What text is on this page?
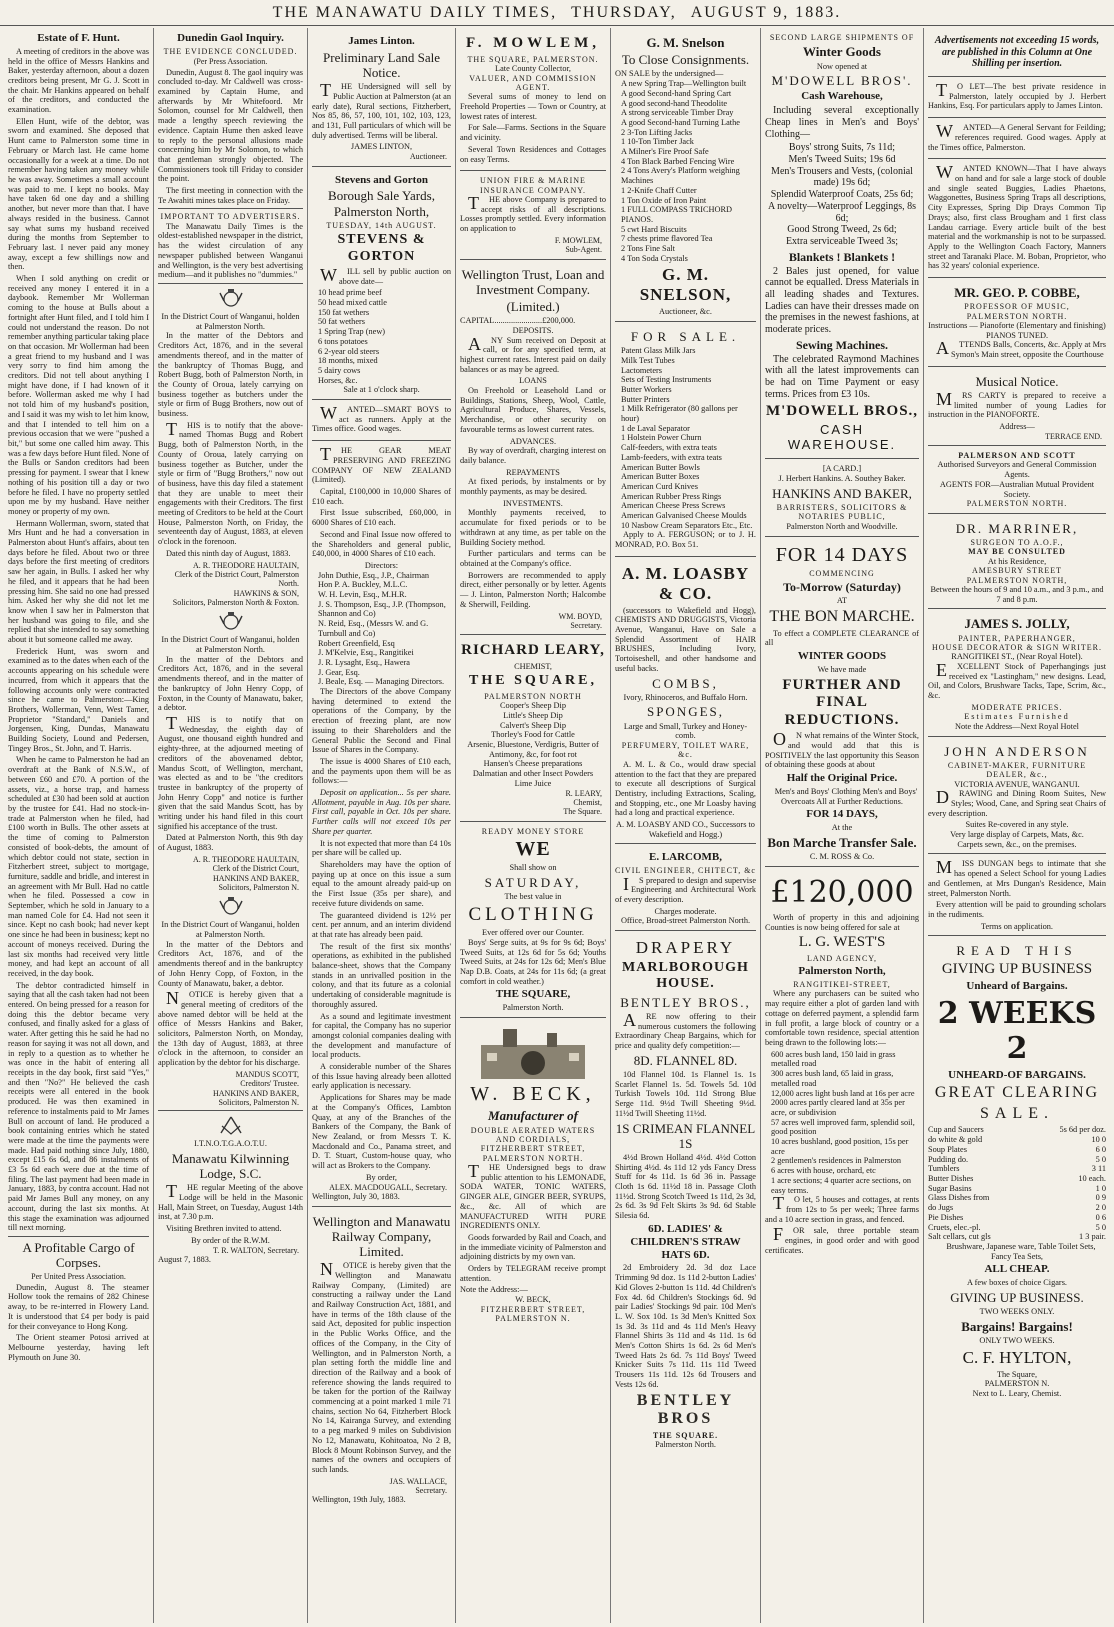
THE MANAWATU DAILY TIMES, THURSDAY, AUGUST 9, 1883.
Estate of F. Hunt.

A meeting of creditors in the above was held in the office of Messrs Hankins and Baker, yesterday afternoon, about a dozen creditors being present, Mr G. J. Scott in the chair. Mr Hankins appeared on behalf of the creditors, and conducted the examination.

Ellen Hunt, wife of the debtor, was sworn and examined. She deposed that Hunt came to Palmerston some time in February or March last. He came home occasionally for a week at a time. Do not remember having taken any money while he was away. Sometimes a small account was paid to me. I kept no books. May have taken 6d one day and a shilling another, but never more than that. I have always resided in the business. Cannot say what sums my husband received during the months from September to February last. I never paid any money away, except a few shillings now and then.

When I sold anything on credit or received any money I entered it in a daybook. Remember Mr Wollerman coming to the house at Bulls about a fortnight after Hunt filed, and I told him I could not understand the reason. Do not remember anything particular taking place on that occasion. Mr Wollerman had been a great friend to my husband and I was very sorry to find him among the creditors. Did not tell about anything I might have done, if I had known of it before. Wollerman asked me why I had not told him of my husband's position, and I said it was my wish to let him know, and that I intended to tell him on a previous occasion that we were "pushed a bit," but some one called him away. This was a few days before Hunt filed. None of the Bulls or Sandon creditors had been pressing for payment. I swear that I knew nothing of his position till a day or two before he filed. I have no property settled upon me by my husband. Have neither money or property of my own.

Hermann Wollerman, sworn, stated that Mrs Hunt and he had a conversation in Palmerston about Hunt's affairs, about ten days before he filed. About two or three days before the first meeting of creditors saw her again, in Bulls. I asked her why he filed, and it appears that he had been pressing him. She said no one had pressed him. Asked her why she did not let me know when I saw her in Palmerston that her husband was going to file, and she replied that she intended to say something about it but someone called me away.

Frederick Hunt, was sworn and examined as to the dates when each of the accounts appearing on his schedule were incurred, from which it appears that the following accounts only were contracted since he came to Palmerston:—King Brothers, Wollerman, Venn, West Tamer, Proprietor "Standard," Daniels and Jorgensen, King, Dundas, Manawatu Building Society, Lound and Pedersen, Tingey Bros., St. John, and T. Harris.

When he came to Palmerston he had an overdraft at the Bank of N.S.W., of between £60 and £70. A portion of the assets, viz., a horse trap, and harness scheduled at £30 had been sold at auction by the trustee for £41. Had no stock-in-trade at Palmerston when he filed, had £100 worth in Bulls. The other assets at the time of coming to Palmerston consisted of book-debts, the amount of which debtor could not state, section in Fitzherbert street, subject to mortgage, furniture, saddle and bridle, and interest in an agreement with Mr Bull. Had no cattle when he filed. Possessed a cow in September, which he sold in January to a man named Cole for £4. Had not seen it since. Kept no cash book; had never kept one since he had been in business; kept no account of moneys received. During the last six months had received very little money, and had kept an account of all received, in the day book.

The debtor contradicted himself in saying that all the cash taken had not been entered. On being pressed for a reason for doing this the debtor became very confused, and finally asked for a glass of water. After getting this he said he had no reason for saying it was not all down, and in reply to a question as to whether he was once in the habit of entering all receipts in the day book, first said "Yes," and then "No?" He believed the cash receipts were all entered in the book produced. He was then examined in reference to instalments paid to Mr James Bull on account of land. He produced a book containing entries which he stated were made at the time the payments were made. Had paid nothing since July, 1880, except £15 6s 6d, and 86 instalments of £3 5s 6d each were due at the time of filing. The last payment had been made in January, 1883, by contra account. Had not paid Mr James Bull any money, on any account, during the last six months. At this stage the examination was adjourned till next morning.

A Profitable Cargo of Corpses.
Per United Press Association.

Dunedin, August 8. The steamer Hollow took the remains of 282 Chinese away, to be re-interred in Flowery Land. It is understood that £4 per body is paid for their conveyance to Hong Kong.

The Orient steamer Potosi arrived at Melbourne yesterday, having left Plymouth on June 30.

Dunedin Gaol Inquiry.
THE EVIDENCE CONCLUDED.
(Per Press Association.

Dunedin, August 8. The gaol inquiry was concluded to-day. Mr Caldwell was cross-examined by Captain Hume, and afterwards by Mr Whitefoord. Mr Solomon, counsel for Mr Caldwell, then made a lengthy speech reviewing the evidence. Captain Hume then asked leave to reply to the personal allusions made concerning him by Mr Solomon, to which that gentleman strongly objected. The Commissioners took till Friday to consider the point.

The first meeting in connection with the Te Awahiti mines takes place on Friday.

IMPORTANT TO ADVERTISERS.

The Manawatu Daily Times is the oldest-established newspaper in the district, has the widest circulation of any newspaper published between Wanganui and Wellington, is the very best advertising medium—and it publishes no "dummies."

In the District Court of Wanganui, holden at Palmerston North.

In the matter of the Debtors and Creditors Act, 1876, and in the several amendments thereof, and in the matter of the bankruptcy of Thomas Bugg, and Robert Bugg, both of Palmerston North, in the County of Oroua, lately carrying on business together as butchers under the style or firm of Bugg Brothers, now out of business.

THIS is to notify that the above-named Thomas Bugg and Robert Bugg, both of Palmerston North, in the County of Oroua, lately carrying on business together as Butcher, under the style or firm of "Bugg Brothers," now out of business, have this day filed a statement that they are unable to meet their engagements with their Creditors. The first meeting of Creditors to be held at the Court House, Palmerston North, on Friday, the seventeenth day of August, 1883, at eleven o'clock in the forenoon.

Dated this ninth day of August, 1883.

A. R. THEODORE HAULTAIN,
Clerk of the District Court, Palmerston North.
HAWKINS & SON,
Solicitors, Palmerston North & Foxton.
In the District Court of Wanganui, holden at Palmerston North.

In the matter of the Debtors and Creditors Act, 1876, and in the several amendments thereof, and in the matter of the bankruptcy of John Henry Copp, of Foxton, in the County of Manawatu, baker, a debtor.

THIS is to notify that on Wednesday, the eighth day of August, one thousand eighth hundred and eighty-three, at the adjourned meeting of creditors of the abovenamed debtor, Mandus Scott, of Wellington, merchant, was elected as and to be "the creditors trustee in bankruptcy of the property of John Henry Copp" and notice is further given that the said Mandus Scott, has by writing under his hand filed in this court signified his acceptance of the trust.

Dated at Palmerston North, this 9th day of August, 1883.

A. R. THEODORE HAULTAIN,
Clerk of the District Court,
HANKINS AND BAKER,
Solicitors, Palmerston N.
In the District Court of Wanganui, holden at Palmerston North.

In the matter of the Debtors and Creditors Act, 1876, and of the amendments thereof and in the bankruptcy of John Henry Copp, of Foxton, in the County of Manawatu, baker, a debtor.

NOTICE is hereby given that a general meeting of creditors of the above named debtor will be held at the office of Messrs Hankins and Baker, solicitors, Palmerston North, on Monday, the 13th day of August, 1883, at three o'clock in the afternoon, to consider an application by the debtor for his discharge.

MANDUS SCOTT,
Creditors' Trustee.
HANKINS AND BAKER,
Solicitors, Palmerston N.
I.T.N.O.T.G.A.O.T.U.
Manawatu Kilwinning Lodge, S.C.

THE regular Meeting of the above Lodge will be held in the Masonic Hall, Main Street, on Tuesday, August 14th inst, at 7.30 p.m.

Visiting Brethren invited to attend.

By order of the R.W.M.
T. R. WALTON, Secretary.
August 7, 1883.
James Linton.
Preliminary Land Sale Notice.

THE Undersigned will sell by Public Auction at Palmerston (at an early date), Rural sections, Fitzherbert, Nos 85, 86, 57, 100, 101, 102, 103, 123, and 131, Full particulars of which will be duly advertised. Terms will be liberal.

JAMES LINTON,
Auctioneer.
Stevens and Gorton
Borough Sale Yards, Palmerston North,
TUESDAY, 14th AUGUST.
STEVENS & GORTON

WILL sell by public auction on above date—

10 head prime beef
50 head mixed cattle
150 fat wethers
50 fat wethers
1 Spring Trap (new)
6 tons potatoes
6 2-year old steers
18 months, mixed
5 dairy cows
Horses, &c.
Sale at 1 o'clock sharp.

WANTED—SMART BOYS to act as runners. Apply at the Times office. Good wages.

THE GEAR MEAT PRESERVING AND FREEZING COMPANY OF NEW ZEALAND (Limited).

Capital, £100,000 in 10,000 Shares of £10 each.

First Issue subscribed, £60,000, in 6000 Shares of £10 each.

Second and Final Issue now offered to the Shareholders and general public, £40,000, in 4000 Shares of £10 each.

Directors:
John Duthie, Esq., J.P., Chairman
Hon P. A. Buckley, M.L.C.
W. H. Levin, Esq., M.H.R.
J. S. Thompson, Esq., J.P. (Thompson, Shannon and Co)
N. Reid, Esq., (Messrs W. and G. Turnbull and Co)
Robert Greenfield, Esq
J. M'Kelvie, Esq., Rangitikei
J. R. Lysaght, Esq., Hawera
J. Gear, Esq.
J. Beale, Esq. — Managing Directors.

The Directors of the above Company having determined to extend the operations of the Company, by the erection of freezing plant, are now issuing to their Shareholders and the General Public the Second and Final Issue of Shares in the Company.

The issue is 4000 Shares of £10 each, and the payments upon them will be as follows:—

Deposit on application... 5s per share. Allotment, payable in Aug. 10s per share. First call, payable in Oct. 10s per share. Further calls will not exceed 10s per Share per quarter.

It is not expected that more than £4 10s per share will be called up.

Shareholders may have the option of paying up at once on this issue a sum equal to the amount already paid-up on the First Issue (35s per share), and receive future dividends on same.

The guaranteed dividend is 12½ per cent. per annum, and an interim dividend at that rate has already been paid.

The result of the first six months' operations, as exhibited in the published balance-sheet, shows that the Company stands in an unrivalled position in the colony, and that its future as a colonial undertaking of considerable magnitude is thoroughly assured.

As a sound and legitimate investment for capital, the Company has no superior amongst colonial companies dealing with the development and manufacture of local products.

A considerable number of the Shares of this Issue having already been allotted early application is necessary.

Applications for Shares may be made at the Company's Offices, Lambton Quay, at any of the Branches of the Bankers of the Company, the Bank of New Zealand, or from Messrs T. K. Macdonald and Co., Panama street, and D. T. Stuart, Custom-house quay, who will act as Brokers to the Company.

By order,
ALEX. MACDOUGALL, Secretary.
Wellington, July 30, 1883.
Wellington and Manawatu Railway Company, Limited.

NOTICE is hereby given that the Wellington and Manawatu Railway Company, (Limited) are constructing a railway under the Land and Railway Construction Act, 1881, and have in terms of the 18th clause of the said Act, deposited for public inspection in the Public Works Office, and the offices of the Company, in the City of Wellington, and in Palmerston North, a plan setting forth the middle line and direction of the Railway and a book of reference showing the lands required to be taken for the portion of the Railway commencing at a point marked 1 mile 71 chains, section No 64, Fitzherbert Block No 14, Kairanga Survey, and extending to a peg marked 9 miles on Subdivision No 12, Manawatu, Kohitoatoa, No 2 B, Block 8 Mount Robinson Survey, and the names of the owners and occupiers of such lands.

JAS. WALLACE,
Secretary.
Wellington, 19th July, 1883.
F. MOWLEM,
THE SQUARE, PALMERSTON.
Late County Collector,
VALUER, AND COMMISSION AGENT.

Several sums of money to lend on Freehold Properties — Town or Country, at lowest rates of interest.

For Sale—Farms. Sections in the Square and vicinity.

Several Town Residences and Cottages on easy Terms.

UNION FIRE & MARINE INSURANCE COMPANY.

THE above Company is prepared to accept risks of all descriptions. Losses promptly settled. Every information on application to

F. MOWLEM,
Sub-Agent.
Wellington Trust, Loan and Investment Company.
(Limited.)
CAPITAL.......................£200,000.
DEPOSITS.

ANY Sum received on Deposit at call, or for any specified term, at highest current rates. Interest paid on daily balances or as may be agreed.

LOANS

On Freehold or Leasehold Land or Buildings, Stations, Sheep, Wool, Cattle, Agricultural Produce, Shares, Vessels, Merchandise, or other security on favourable terms as lowest current rates.

ADVANCES.

By way of overdraft, charging interest on daily balance.

REPAYMENTS

At fixed periods, by instalments or by monthly payments, as may be desired.

INVESTMENTS.

Monthly payments received, to accumulate for fixed periods or to be withdrawn at any time, as per table on the Building Society method.

Further particulars and terms can be obtained at the Company's office.

Borrowers are recommended to apply direct, either personally or by letter. Agents — J. Linton, Palmerston North; Halcombe & Sherwill, Feilding.

WM. BOYD,
Secretary.
RICHARD LEARY,
CHEMIST,
THE SQUARE,
PALMERSTON NORTH
Cooper's Sheep Dip
Little's Sheep Dip
Calvert's Sheep Dip
Thorley's Food for Cattle
Arsenic, Bluestone, Verdigris, Butter of Antimony, &c, for foot rot
Hansen's Cheese preparations
Dalmatian and other Insect Powders
Lime Juice
R. LEARY,
Chemist,
The Square.
READY MONEY STORE
WE
Shall show on
SATURDAY,
The best value in
CLOTHING
Ever offered over our Counter.

Boys' Serge suits, at 9s for 9s 6d; Boys' Tweed Suits, at 12s 6d for 5s 6d; Youths Tweed Suits, at 24s for 12s 6d; Men's Blue Nap D.B. Coats, at 24s for 11s 6d; (a great comfort in cold weather.)

THE SQUARE,
Palmerston North.
W. BECK,
Manufacturer of
DOUBLE AERATED WATERS AND CORDIALS,
FITZHERBERT STREET,
PALMERSTON NORTH.

THE Undersigned begs to draw public attention to his LEMONADE, SODA WATER, TONIC WATERS, GINGER ALE, GINGER BEER, SYRUPS, &c., &c. All of which are MANUFACTURED WITH PURE INGREDIENTS ONLY.

Goods forwarded by Rail and Coach, and in the immediate vicinity of Palmerston and adjoining districts by my own van.

Orders by TELEGRAM receive prompt attention.

Note the Address:—
W. BECK,
FITZHERBERT STREET, PALMERSTON N.
G. M. Snelson
To Close Consignments.
ON SALE by the undersigned—
A new Spring Trap—Wellington built
A good Second-hand Spring Cart
A good second-hand Theodolite
A strong serviceable Timber Dray
A good Second-hand Turning Lathe
2 3-Ton Lifting Jacks
1 10-Ton Timber Jack
A Milner's Fire Proof Safe
4 Ton Black Barbed Fencing Wire
2 4 Tons Avery's Platform weighing Machines
1 2-Knife Chaff Cutter
1 Ton Oxide of Iron Paint
1 FULL COMPASS TRICHORD PIANOS.
5 cwt Hard Biscuits
7 chests prime flavored Tea
2 Tons Fine Salt
4 Ton Soda Crystals
G. M. SNELSON,
Auctioneer, &c.
FOR SALE.
Patent Glass Milk Jars
Milk Test Tubes
Lactometers
Sets of Testing Instruments
Butter Workers
Butter Printers
1 Milk Refrigerator (80 gallons per hour)
1 de Laval Separator
1 Holstein Power Churn
Calf-feeders, with extra teats
Lamb-feeders, with extra teats
American Butter Bowls
American Butter Boxes
American Curd Knives
American Rubber Press Rings
American Cheese Press Screws
American Galvanised Cheese Moulds
10 Nasbow Cream Separators Etc., Etc.

Apply to A. FERGUSON; or to J. H. MONRAD, P.O. Box 51.

A. M. LOASBY & CO.

(successors to Wakefield and Hogg), CHEMISTS AND DRUGGISTS, Victoria Avenue, Wanganui, Have on Sale a Splendid Assortment of HAIR BRUSHES, Including Ivory, Tortoiseshell, and other handsome and useful backs.

COMBS,
Ivory, Rhinoceros, and Buffalo Horn.
SPONGES,
Large and Small, Turkey and Honey-comb.
PERFUMERY, TOILET WARE, &c.

A. M. L. & Co., would draw special attention to the fact that they are prepared to execute all descriptions of Surgical Dentistry, including Extractions, Scaling, and Stopping, etc., one Mr Loasby having had a long and practical experience.

A. M. LOASBY AND CO., Successors to Wakefield and Hogg.)
E. LARCOMB,
CIVIL ENGINEER, CHITECT, &c

IS prepared to design and supervise Engineering and Architectural Work of every description.

Charges moderate.
Office, Broad-street Palmerston North.
DRAPERY
MARLBOROUGH HOUSE.
BENTLEY BROS.,

ARE now offering to their numerous customers the following Extraordinary Cheap Bargains, which for price and quality defy competition:—

8D. FLANNEL 8D.

10d Flannel 10d. 1s Flannel 1s. 1s Scarlet Flannel 1s. 5d. Towels 5d. 10d Turkish Towels 10d. 11d Strong Blue Serge 11d. 9½d Twill Sheeting 9½d. 11½d Twill Sheeting 11½d.

1S CRIMEAN FLANNEL 1S

4½d Brown Holland 4½d. 4½d Cotton Shirting 4½d. 4s 11d 12 yds Fancy Dress Stuff for 4s 11d. 1s 6d 36 in. Passage Cloth 1s 6d. 11½d 18 in. Passage Cloth 11½d. Strong Scotch Tweed 1s 11d, 2s 3d, 2s 6d. 3s 9d Felt Skirts 3s 9d. 6d Stable Silesia 6d.

6D. LADIES' & CHILDREN'S STRAW HATS 6D.

2d Embroidery 2d. 3d doz Lace Trimming 9d doz. 1s 11d 2-button Ladies' Kid Gloves 2-button 1s 11d. 4d Children's Fox 4d. 6d Children's Stockings 6d. 9d pair Ladies' Stockings 9d pair. 10d Men's L. W. Sox 10d. 1s 3d Men's Knitted Sox 1s 3d. 3s 11d and 4s 11d Men's Heavy Flannel Shirts 3s 11d and 4s 11d. 1s 6d Men's Cotton Shirts 1s 6d. 2s 6d Men's Tweed Hats 2s 6d. 7s 11d Boys' Tweed Knicker Suits 7s 11d. 11s 11d Tweed Trousers 11s 11d. 12s 6d Trousers and Vests 12s 6d.

BENTLEY BROS
THE SQUARE.
Palmerston North.
SECOND LARGE SHIPMENTS OF
Winter Goods
Now opened at
M'DOWELL BROS'.
Cash Warehouse,

Including several exceptionally Cheap lines in Men's and Boys' Clothing—

Boys' strong Suits, 7s 11d;
Men's Tweed Suits; 19s 6d
Men's Trousers and Vests, (colonial made) 19s 6d;
Splendid Waterproof Coats, 25s 6d;
A novelty—Waterproof Leggings, 8s 6d;
Good Strong Tweed, 2s 6d;
Extra serviceable Tweed 3s;
Blankets ! Blankets !

2 Bales just opened, for value cannot be equalled. Dress Materials in all leading shades and Textures. Ladies can have their dresses made on the premises in the newest fashions, at moderate prices.

Sewing Machines.

The celebrated Raymond Machines with all the latest improvements can be had on Time Payment or easy terms. Prices from £3 10s.

M'DOWELL BROS.,
CASH WAREHOUSE.
[A CARD.]
J. Herbert Hankins. A. Southey Baker.
HANKINS AND BAKER,
BARRISTERS, SOLICITORS & NOTARIES PUBLIC,
Palmerston North and Woodville.
FOR 14 DAYS
COMMENCING
To-Morrow (Saturday)
AT
THE BON MARCHE.

To effect a COMPLETE CLEARANCE of all

WINTER GOODS
We have made
FURTHER AND FINAL REDUCTIONS.

ON what remains of the Winter Stock, and would add that this is POSITIVELY the last opportunity this Season of obtaining these goods at about

Half the Original Price.

Men's and Boys' Clothing Men's and Boys' Overcoats All at Further Reductions.

FOR 14 DAYS,
At the
Bon Marche Transfer Sale.
C. M. ROSS & Co.
£120,000

Worth of property in this and adjoining Counties is now being offered for sale at

L. G. WEST'S
LAND AGENCY,
Palmerston North,
RANGITIKEI-STREET,

Where any purchasers can be suited who may require either a plot of garden land with cottage on deferred payment, a splendid farm in full profit, a large block of country or a comfortable town residence, special attention being drawn to the following lots:—

600 acres bush land, 150 laid in grass metalled road
300 acres bush land, 65 laid in grass, metalled road
12,000 acres light bush land at 16s per acre
2000 acres partly cleared land at 35s per acre, or subdivision
57 acres well improved farm, splendid soil, good position
10 acres bushland, good position, 15s per acre
2 gentlemen's residences in Palmerston
6 acres with house, orchard, etc
1 acre sections; 4 quarter acre sections, on easy terms.

TO let, 5 houses and cottages, at rents from 12s to 5s per week; Three farms and a 10 acre section in grass, and fenced.

FOR sale, three portable steam engines, in good order and with good certificates.

Advertisements not exceeding 15 words, are published in this Column at One Shilling per insertion.

TO LET—The best private residence in Palmerston, lately occupied by J. Herbert Hankins, Esq. For particulars apply to James Linton.

WANTED—A General Servant for Feilding; references required. Good wages. Apply at the Times office, Palmerston.

WANTED KNOWN—That I have always on hand and for sale a large stock of double and single seated Buggies, Ladies Phaetons, Waggonettes, Business Spring Traps all descriptions, City Expresses, Spring Dip Drays Common Tip Drays; also, first class Brougham and 1 first class Landau carriage. Every article built of the best material and the workmanship is not to be surpassed. Apply to the Wellington Coach Factory, Manners street and Taranaki Place. M. Boban, Proprietor, who has 32 years' colonial experience.

MR. GEO. P. COBBE,
PROFESSOR OF MUSIC,
PALMERSTON NORTH.
Instructions — Pianoforte (Elementary and finishing)
PIANOS TUNED.

ATTENDS Balls, Concerts, &c. Apply at Mrs Symon's Main street, opposite the Courthouse

Musical Notice.

MRS CARTY is prepared to receive a limited number of young Ladies for instruction in the PIANOFORTE.

Address—
TERRACE END.
PALMERSON AND SCOTT
Authorised Surveyors and General Commission Agents.
AGENTS FOR—Australian Mutual Provident Society.
PALMERSTON NORTH.
DR. MARRINER,
SURGEON TO A.O.F.,
MAY BE CONSULTED
At his Residence,
AMESBURY STREET
PALMERSTON NORTH,
Between the hours of 9 and 10 a.m., and 3 p.m., and 7 and 8 p.m.
JAMES S. JOLLY,
PAINTER, PAPERHANGER,
HOUSE DECORATOR & SIGN WRITER.
RANGITIKEI ST., (Near Royal Hotel).

EXCELLENT Stock of Paperhangings just received ex "Lastingham," new designs. Lead, Oil, and Colors, Brushware Tacks, Tape, Scrim, &c., &c.

MODERATE PRICES.
Estimates Furnished
Note the Address—Next Royal Hotel
JOHN ANDERSON
CABINET-MAKER, FURNITURE DEALER, &c.,
VICTORIA AVENUE, WANGANUI.

DRAWING and Dining Room Suites, New Styles; Wood, Cane, and Spring seat Chairs of every description.

Suites Re-covered in any style.
Very large display of Carpets, Mats, &c.
Carpets sewn, &c., on the premises.

MISS DUNGAN begs to intimate that she has opened a Select School for young Ladies and Gentlemen, at Mrs Dungan's Residence, Main street, Palmerston North.

Every attention will be paid to grounding scholars in the rudiments.

Terms on application.
READ THIS
GIVING UP BUSINESS
Unheard of Bargains.
2 WEEKS 2
UNHEARD-OF BARGAINS.
GREAT CLEARING
SALE.
Cup and Saucers	5s 6d per doz.
do white & gold	10 0
Soup Plates	6 0
Pudding do.	5 0
Tumblers	3 11
Butter Dishes	10 each.
Sugar Basins	1 0
Glass Dishes from	0 9
do Jugs	2 0
Pie Dishes	0 6
Cruets, elec.-pl.	5 0
Salt cellars, cut gls	1 3 pair.

Brushware, Japanese ware, Table Toilet Sets, Fancy Tea Sets,

ALL CHEAP.
A few boxes of choice Cigars.
GIVING UP BUSINESS.
TWO WEEKS ONLY.
Bargains! Bargains!
ONLY TWO WEEKS.
C. F. HYLTON,
The Square,
PALMERSTON N.
Next to L. Leary, Chemist.
